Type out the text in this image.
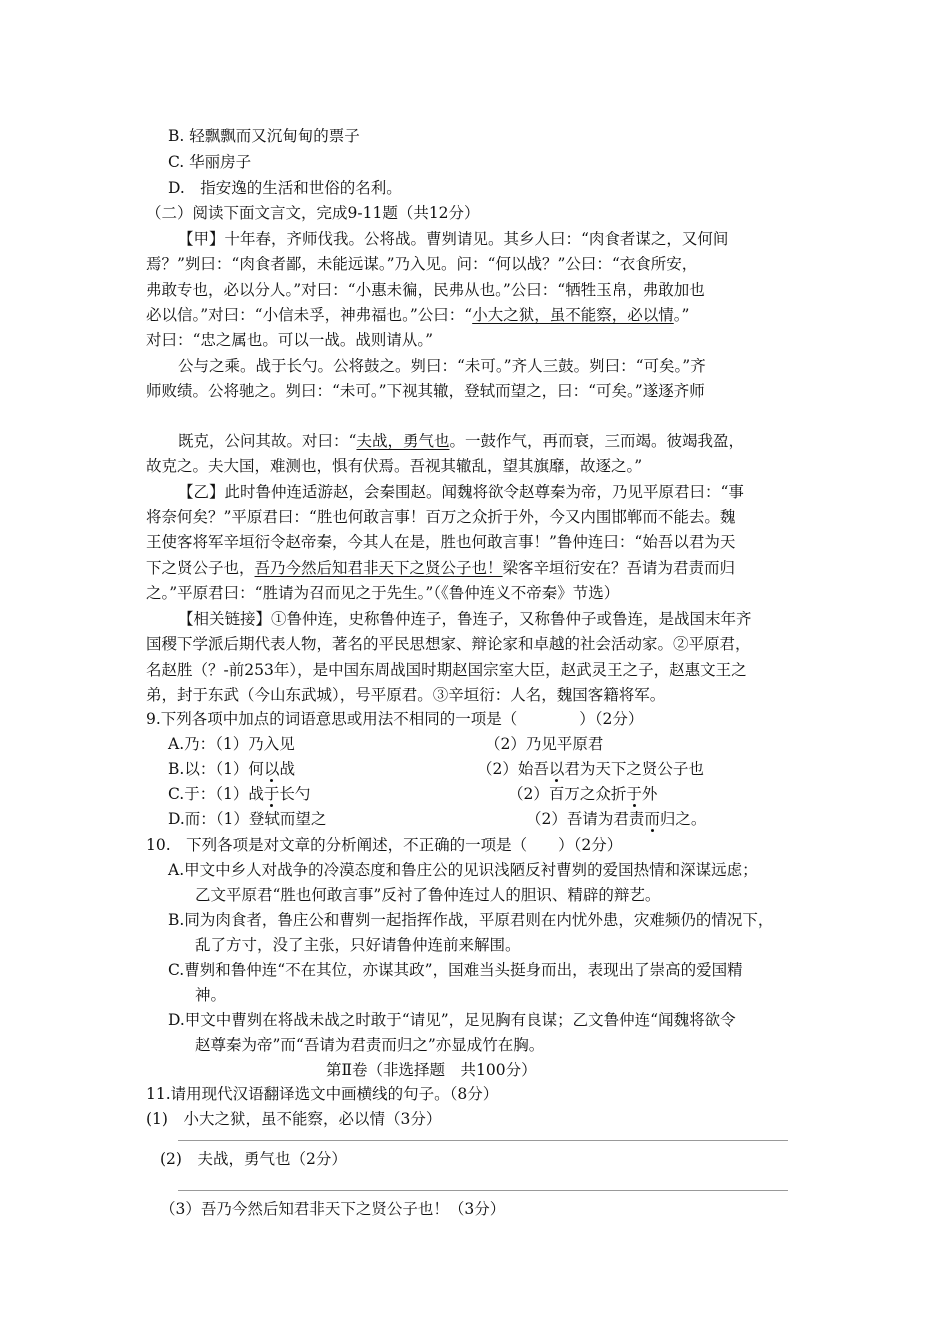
B. 轻飘飘而又沉甸甸的票子
C. 华丽房子
D.　指安逸的生活和世俗的名利。
（二）阅读下面文言文，完成9-11题（共12分）
【甲】十年春，齐师伐我。公将战。曹刿请见。其乡人曰：“肉食者谋之，又何间
焉？”刿曰：“肉食者鄙，未能远谋。”乃入见。问：“何以战？”公曰：“衣食所安，
弗敢专也，必以分人。”对曰：“小惠未徧，民弗从也。”公曰：“牺牲玉帛，弗敢加也
必以信。”对曰：“小信未孚，神弗福也。”公曰：“小大之狱，虽不能察，必以情。”
对曰：“忠之属也。可以一战。战则请从。”
公与之乘。战于长勺。公将鼓之。刿曰：“未可。”齐人三鼓。刿曰：“可矣。”齐
师败绩。公将驰之。刿曰：“未可。”下视其辙，登轼而望之，曰：“可矣。”遂逐齐师
既克，公问其故。对曰：“夫战，勇气也。一鼓作气，再而衰，三而竭。彼竭我盈，
故克之。夫大国，难测也，惧有伏焉。吾视其辙乱，望其旗靡，故逐之。”
【乙】此时鲁仲连适游赵，会秦围赵。闻魏将欲令赵尊秦为帝，乃见平原君曰：“事
将奈何矣？”平原君曰：“胜也何敢言事！百万之众折于外，今又内围邯郸而不能去。魏
王使客将军辛垣衍令赵帝秦，今其人在是，胜也何敢言事！”鲁仲连曰：“始吾以君为天
下之贤公子也，吾乃今然后知君非天下之贤公子也！梁客辛垣衍安在？吾请为君责而归
之。”平原君曰：“胜请为召而见之于先生。”（《鲁仲连义不帝秦》节选）
【相关链接】①鲁仲连，史称鲁仲连子，鲁连子，又称鲁仲子或鲁连，是战国末年齐
国稷下学派后期代表人物，著名的平民思想家、辩论家和卓越的社会活动家。②平原君，
名赵胜（？-前253年），是中国东周战国时期赵国宗室大臣，赵武灵王之子，赵惠文王之
弟，封于东武（今山东武城），号平原君。③辛垣衍：人名，魏国客籍将军。
9.下列各项中加点的词语意思或用法不相同的一项是（　　　　）（2分）
A.乃：（1）乃入见	（2）乃见平原君
B.以：（1）何以战	（2）始吾以君为天下之贤公子也
C.于：（1）战于长勺	（2）百万之众折于外
D.而：（1）登轼而望之	（2）吾请为君责而归之。
10.　下列各项是对文章的分析阐述，不正确的一项是（　　）（2分）
A.甲文中乡人对战争的冷漠态度和鲁庄公的见识浅陋反衬曹刿的爱国热情和深谋远虑；
乙文平原君“胜也何敢言事”反衬了鲁仲连过人的胆识、精辟的辩艺。
B.同为肉食者，鲁庄公和曹刿一起指挥作战，平原君则在内忧外患，灾难频仍的情况下，
乱了方寸，没了主张，只好请鲁仲连前来解围。
C.曹刿和鲁仲连“不在其位，亦谋其政”，国难当头挺身而出，表现出了崇高的爱国精
神。
D.甲文中曹刿在将战未战之时敢于“请见”，足见胸有良谋；乙文鲁仲连“闻魏将欲令
赵尊秦为帝”而“吾请为君责而归之”亦显成竹在胸。
第Ⅱ卷（非选择题　共100分）
11.请用现代汉语翻译选文中画横线的句子。（8分）
(1)　小大之狱，虽不能察，必以情（3分）
(2)　夫战，勇气也（2分）
（3）吾乃今然后知君非天下之贤公子也！（3分）
